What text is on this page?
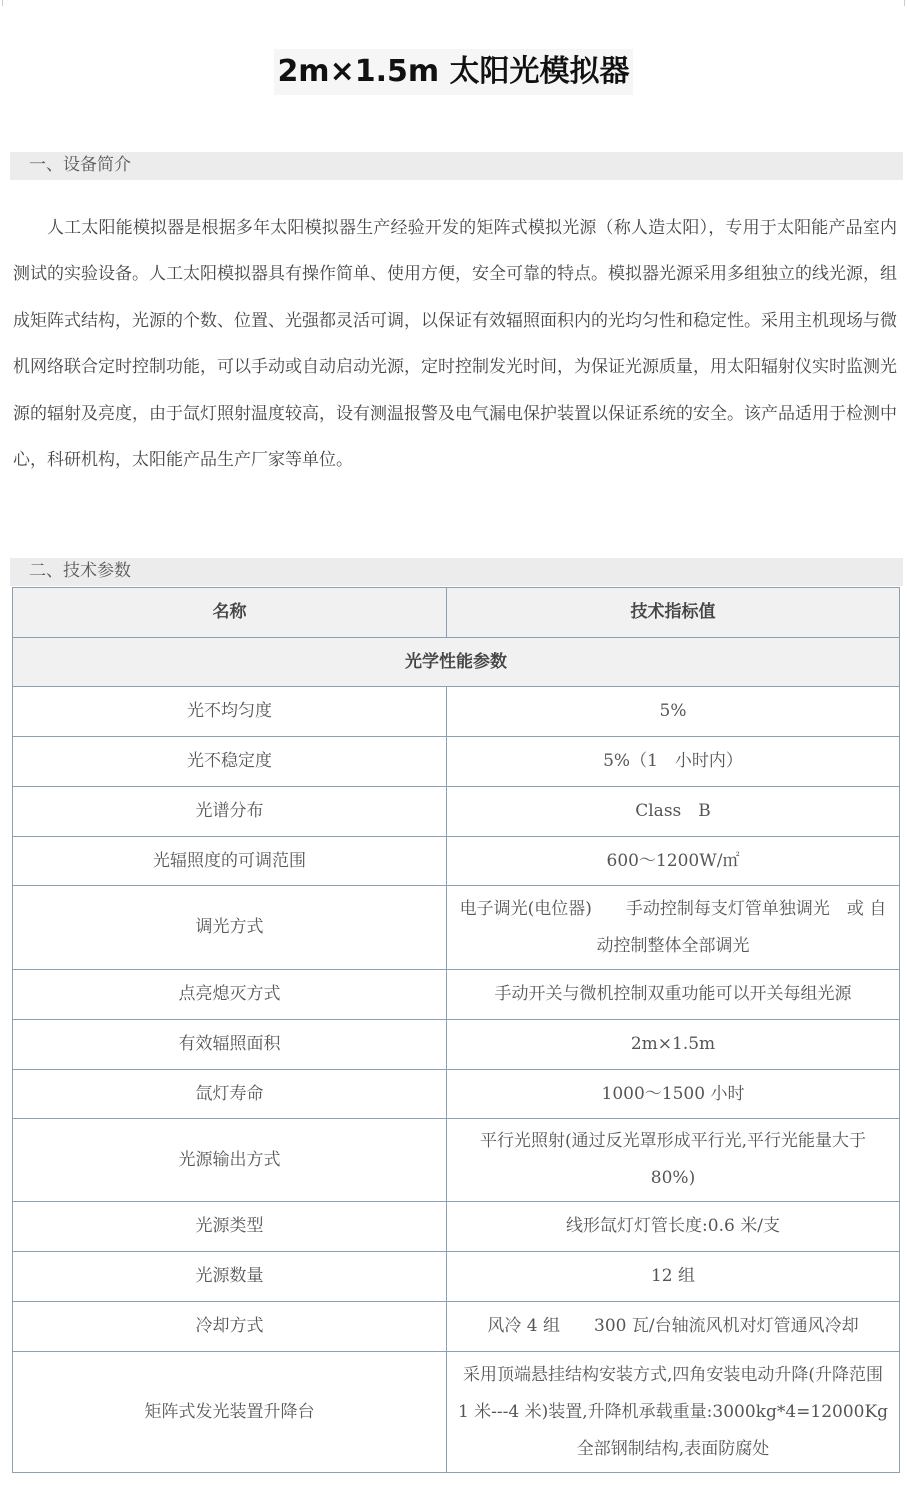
2m×1.5m 太阳光模拟器
一、设备简介

人工太阳能模拟器是根据多年太阳模拟器生产经验开发的矩阵式模拟光源（称人造太阳），专用于太阳能产品室内测试的实验设备。人工太阳模拟器具有操作简单、使用方便，安全可靠的特点。模拟器光源采用多组独立的线光源，组成矩阵式结构，光源的个数、位置、光强都灵活可调，以保证有效辐照面积内的光均匀性和稳定性。采用主机现场与微机网络联合定时控制功能，可以手动或自动启动光源，定时控制发光时间，为保证光源质量，用太阳辐射仪实时监测光源的辐射及亮度，由于氙灯照射温度较高，设有测温报警及电气漏电保护装置以保证系统的安全。该产品适用于检测中心，科研机构，太阳能产品生产厂家等单位。

二、技术参数
名称	技术指标值
光学性能参数	
光不均匀度	5%
光不稳定度	5%（1　小时内）
光谱分布	Class　B
光辐照度的可调范围	600～1200W/㎡
调光方式	电子调光(电位器)　　手动控制每支灯管单独调光　或 自动控制整体全部调光
点亮熄灭方式	手动开关与微机控制双重功能可以开关每组光源
有效辐照面积	2m×1.5m
氙灯寿命	1000～1500 小时
光源输出方式	平行光照射(通过反光罩形成平行光,平行光能量大于 80%)
光源类型	线形氙灯灯管长度:0.6 米/支
光源数量	12 组
冷却方式	风冷 4 组　　300 瓦/台轴流风机对灯管通风冷却
矩阵式发光装置升降台	采用顶端悬挂结构安装方式,四角安装电动升降(升降范围 1 米---4 米)装置,升降机承载重量:3000kg*4=12000Kg 全部钢制结构,表面防腐处
